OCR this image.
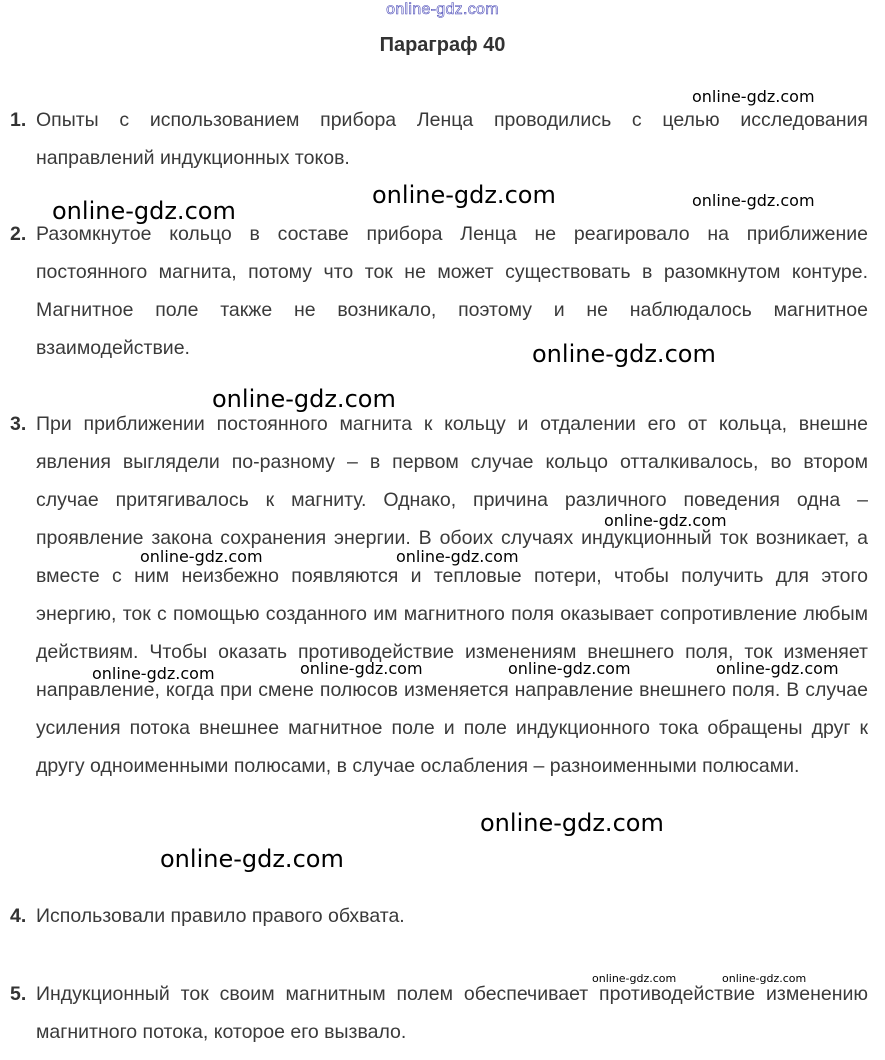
online-gdz.com
Параграф 40
1. Опыты с использованием прибора Ленца проводились с целью исследования направлений индукционных токов.
2. Разомкнутое кольцо в составе прибора Ленца не реагировало на приближение постоянного магнита, потому что ток не может существовать в разомкнутом контуре. Магнитное поле также не возникало, поэтому и не наблюдалось магнитное взаимодействие.
3. При приближении постоянного магнита к кольцу и отдалении его от кольца, внешне явления выглядели по-разному – в первом случае кольцо отталкивалось, во втором случае притягивалось к магниту. Однако, причина различного поведения одна – проявление закона сохранения энергии. В обоих случаях индукционный ток возникает, а вместе с ним неизбежно появляются и тепловые потери, чтобы получить для этого энергию, ток с помощью созданного им магнитного поля оказывает сопротивление любым действиям. Чтобы оказать противодействие изменениям внешнего поля, ток изменяет направление, когда при смене полюсов изменяется направление внешнего поля. В случае усиления потока внешнее магнитное поле и поле индукционного тока обращены друг к другу одноименными полюсами, в случае ослабления – разноименными полюсами.
4. Использовали правило правого обхвата.
5. Индукционный ток своим магнитным полем обеспечивает противодействие изменению магнитного потока, которое его вызвало.
online-gdz.com
online-gdz.com	online-gdz.com
online-gdz.com
online-gdz.com
online-gdz.com
online-gdz.com
online-gdz.com	online-gdz.com
online-gdz.com	online-gdz.com	online-gdz.com	online-gdz.com
online-gdz.com
online-gdz.com
online-gdz.com	online-gdz.com
